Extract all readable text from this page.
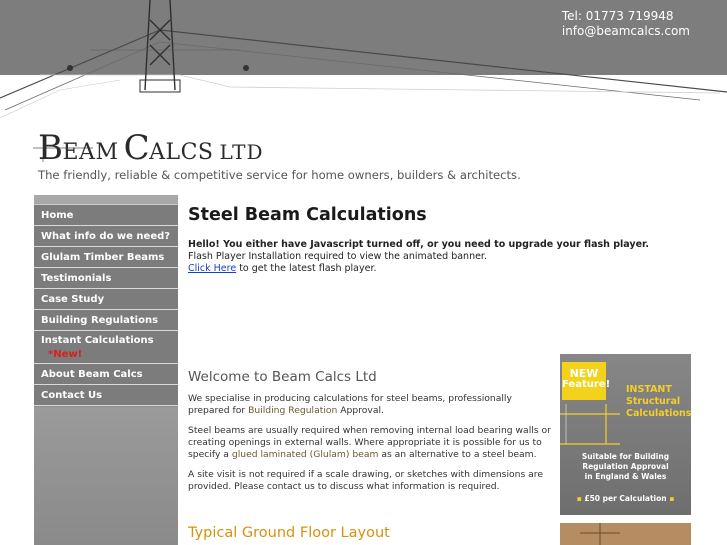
Tel: 01773 719948
info@beamcalcs.com
BEAM CALCS LTD
The friendly, reliable & competitive service for home owners, builders & architects.
Home
What info do we need?
Glulam Timber Beams
Testimonials
Case Study
Building Regulations
Instant Calculations
*New!
About Beam Calcs
Contact Us
Steel Beam Calculations
Hello! You either have Javascript turned off, or you need to upgrade your flash player.
Flash Player Installation required to view the animated banner.
Click Here to get the latest flash player.
Welcome to Beam Calcs Ltd

We specialise in producing calculations for steel beams, professionally prepared for Building Regulation Approval.

Steel beams are usually required when removing internal load bearing walls or creating openings in external walls. Where appropriate it is possible for us to specify a glued laminated (Glulam) beam as an alternative to a steel beam.

A site visit is not required if a scale drawing, or sketches with dimensions are provided. Please contact us to discuss what information is required.

Typical Ground Floor Layout
NEW
Feature! INSTANT
Structural
Calculations
Suitable for Building
Regulation Approval
in England & Wales
▪ £50 per Calculation ▪
